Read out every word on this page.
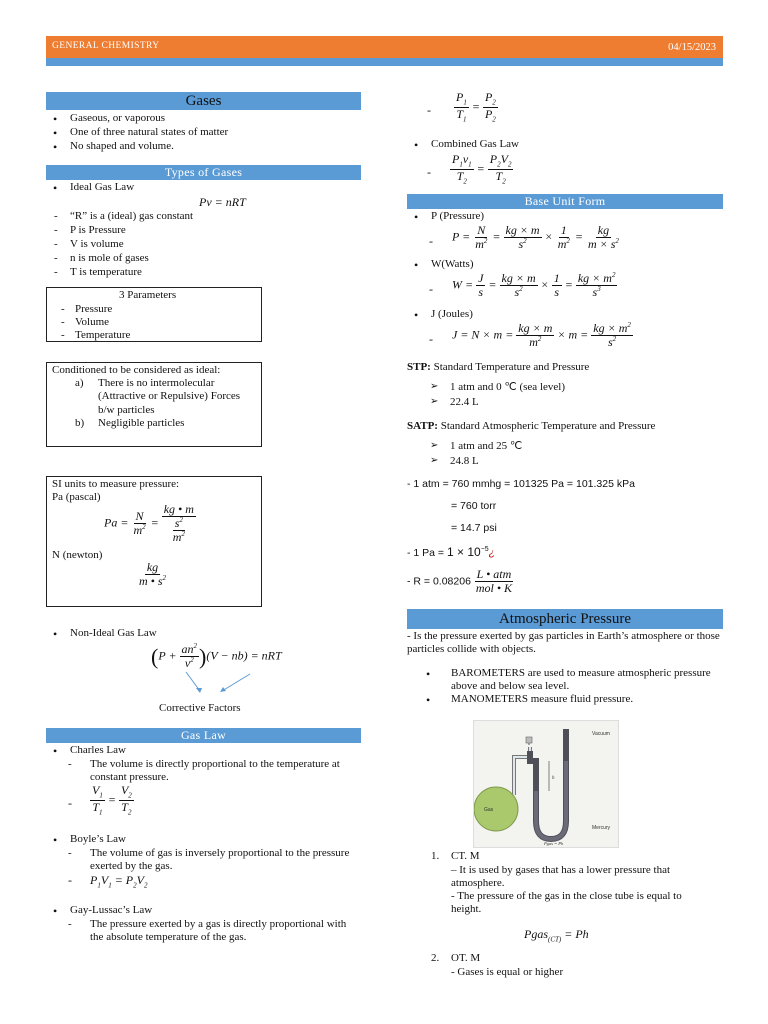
GENERAL CHEMISTRY	04/15/2023
Gases
• Gaseous, or vaporous
• One of three natural states of matter
• No shaped and volume.
Types of Gases
• Ideal Gas Law
Pv = nRT
- “R” is a (ideal) gas constant
- P is Pressure
- V is volume
- n is mole of gases
- T is temperature
3 Parameters
- Pressure
- Volume
- Temperature
Conditioned to be considered as ideal:
a) There is no intermolecular (Attractive or Repulsive) Forces b/w particles
b) Negligible particles
SI units to measure pressure:
Pa (pascal)
$Pa = \frac{N}{m^2} = \frac{kg • m}{\frac{s^2}{m^2}}$
N (newton)
$\frac{kg}{m • s^2}$
• Non-Ideal Gas Law
$(P + \frac{an^2}{v^2} )(V - nb)$ = nRT
Corrective Factors
Gas Law
• Charles Law
- The volume is directly proportional to the temperature at constant pressure.
- $\frac{V_1}{T_1} = \frac{V_2}{T_2}$
• Boyle’s Law
- The volume of gas is inversely proportional to the pressure exerted by the gas.
- $P_1V_1 = P_2V_2$
• Gay-Lussac’s Law
- The pressure exerted by a gas is directly proportional with the absolute temperature of the gas.
- $\frac{P_1}{T_1} = \frac{P_2}{P_2}$
• Combined Gas Law
- $\frac{P_1v_1}{T_2} = \frac{P_2V_2}{T_2}$
Base Unit Form
• P (Pressure)
- $P = \frac{N}{m^2} = \frac{kg \times m}{s^2} \times \frac{1}{m^2} = \frac{kg}{m \times s^2}$
• W(Watts)
- $W = \frac{J}{s} = \frac{kg \times m}{s^2} \times \frac{1}{s} = \frac{kg \times m^2}{s^3}$
• J (Joules)
- $J = N \times m = \frac{kg \times m}{m^2} \times m = \frac{kg \times m^2}{s^2}$
STP: Standard Temperature and Pressure
➢ 1 atm and 0 ℃ (sea level)
➢ 22.4 L
SATP: Standard Atmospheric Temperature and Pressure
➢ 1 atm and 25 ℃
➢ 24.8 L
- 1 atm = 760 mmhg = 101325 Pa = 101.325 kPa
= 760 torr
= 14.7 psi
- 1 $Pa = 1 \times 10^{-5}¿$
- $R = 0.08206 \frac{\text{L • atm}}{\text{mol • K}}$
Atmospheric Pressure
- Is the pressure exerted by gas particles in Earth’s atmosphere or those particles collide with objects.
• BAROMETERS are used to measure atmospheric pressure above and below sea level.
• MANOMETERS measure fluid pressure.
Gas
Vacuum
Mercury
h
Pgas = Ph
1. CT. M
– It is used by gases that has a lower pressure that atmosphere.
- The pressure of the gas in the close tube is equal to height.
Pgas$_{(CT)}$ = Ph
2. OT. M
- Gases is equal or higher
